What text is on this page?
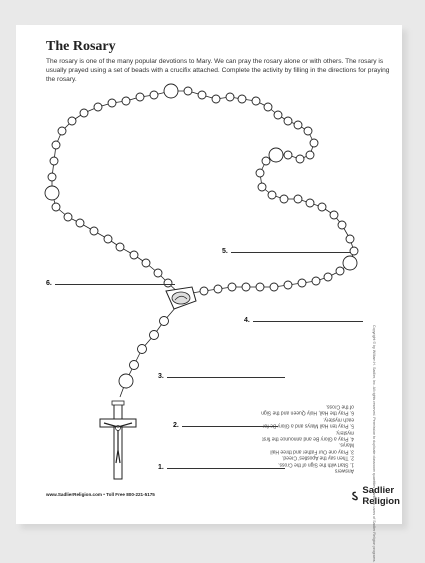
The Rosary
The rosary is one of the many popular devotions to Mary. We can pray the rosary alone or with others. The rosary is usually prayed using a set of beads with a crucifix attached. Complete the activity by filling in the directions for praying the rosary.
1.
2.
3.
4.
5.
6.
Answers
1. Start with the Sign of the Cross.
2. Then say the Apostles' Creed.
3. Pray one Our Father and three Hail Marys.
4. Pray a Glory Be and announce the first mystery.
5. Pray ten Hail Marys and a Glory Be for each mystery.
6. Pray the Hail, Holy Queen and the Sign of the Cross.	Copyright © by William H. Sadlier, Inc. All rights reserved. Permission to duplicate classroom quantities granted to users of Sadlier Religion programs.
www.SadlierReligion.com • Toll Free 800-221-5175	Sadlier Religion
